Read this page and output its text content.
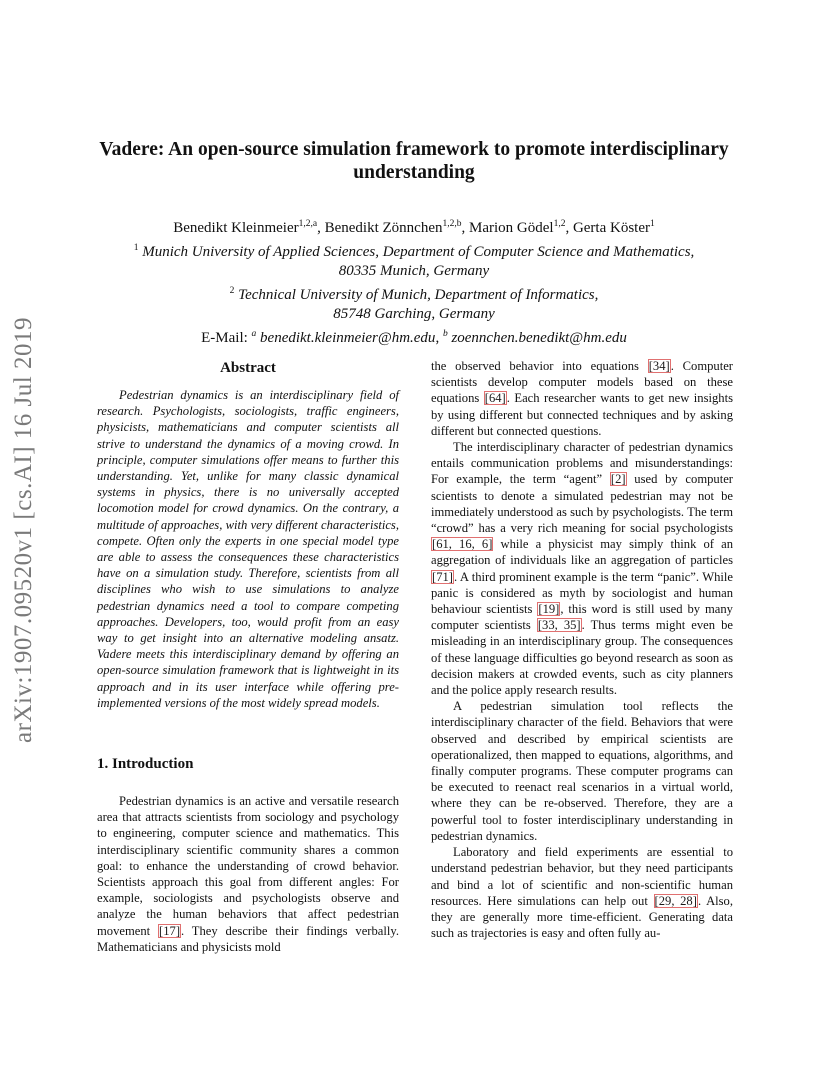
arXiv:1907.09520v1 [cs.AI] 16 Jul 2019
Vadere: An open-source simulation framework to promote interdisciplinary understanding
Benedikt Kleinmeier$^{1,2,a}$, Benedikt Zönnchen$^{1,2,b}$, Marion Gödel$^{1,2}$, Gerta Köster$^1$
$^1$ Munich University of Applied Sciences, Department of Computer Science and Mathematics,
80335 Munich, Germany
$^2$ Technical University of Munich, Department of Informatics,
85748 Garching, Germany
E-Mail: $^a$ benedikt.kleinmeier@hm.edu, $^b$ zoennchen.benedikt@hm.edu
Abstract

Pedestrian dynamics is an interdisciplinary field of research. Psychologists, sociologists, traffic engineers, physicists, mathematicians and computer scientists all strive to understand the dynamics of a moving crowd. In principle, computer simulations offer means to further this understanding. Yet, unlike for many classic dynamical systems in physics, there is no universally accepted locomotion model for crowd dynamics. On the contrary, a multitude of approaches, with very different characteristics, compete. Often only the experts in one special model type are able to assess the consequences these characteristics have on a simulation study. Therefore, scientists from all disciplines who wish to use simulations to analyze pedestrian dynamics need a tool to compare competing approaches. Developers, too, would profit from an easy way to get insight into an alternative modeling ansatz. Vadere meets this interdisciplinary demand by offering an open-source simulation framework that is lightweight in its approach and in its user interface while offering pre-implemented versions of the most widely spread models.

1. Introduction

Pedestrian dynamics is an active and versatile research area that attracts scientists from sociology and psychology to engineering, computer science and mathematics. This interdisciplinary scientific community shares a common goal: to enhance the understanding of crowd behavior. Scientists approach this goal from different angles: For example, sociologists and psychologists observe and analyze the human behaviors that affect pedestrian movement [17]. They describe their findings verbally. Mathematicians and physicists mold

the observed behavior into equations [34]. Computer scientists develop computer models based on these equations [64]. Each researcher wants to get new insights by using different but connected techniques and by asking different but connected questions.

The interdisciplinary character of pedestrian dynamics entails communication problems and misunderstandings: For example, the term “agent” [2] used by computer scientists to denote a simulated pedestrian may not be immediately understood as such by psychologists. The term “crowd” has a very rich meaning for social psychologists [61, 16, 6] while a physicist may simply think of an aggregation of individuals like an aggregation of particles [71]. A third prominent example is the term “panic”. While panic is considered as myth by sociologist and human behaviour scientists [19], this word is still used by many computer scientists [33, 35]. Thus terms might even be misleading in an interdisciplinary group. The consequences of these language difficulties go beyond research as soon as decision makers at crowded events, such as city planners and the police apply research results.

A pedestrian simulation tool reflects the interdisciplinary character of the field. Behaviors that were observed and described by empirical scientists are operationalized, then mapped to equations, algorithms, and finally computer programs. These computer programs can be executed to reenact real scenarios in a virtual world, where they can be re-observed. Therefore, they are a powerful tool to foster interdisciplinary understanding in pedestrian dynamics.

Laboratory and field experiments are essential to understand pedestrian behavior, but they need participants and bind a lot of scientific and non-scientific human resources. Here simulations can help out [29, 28]. Also, they are generally more time-efficient. Generating data such as trajectories is easy and often fully au-
